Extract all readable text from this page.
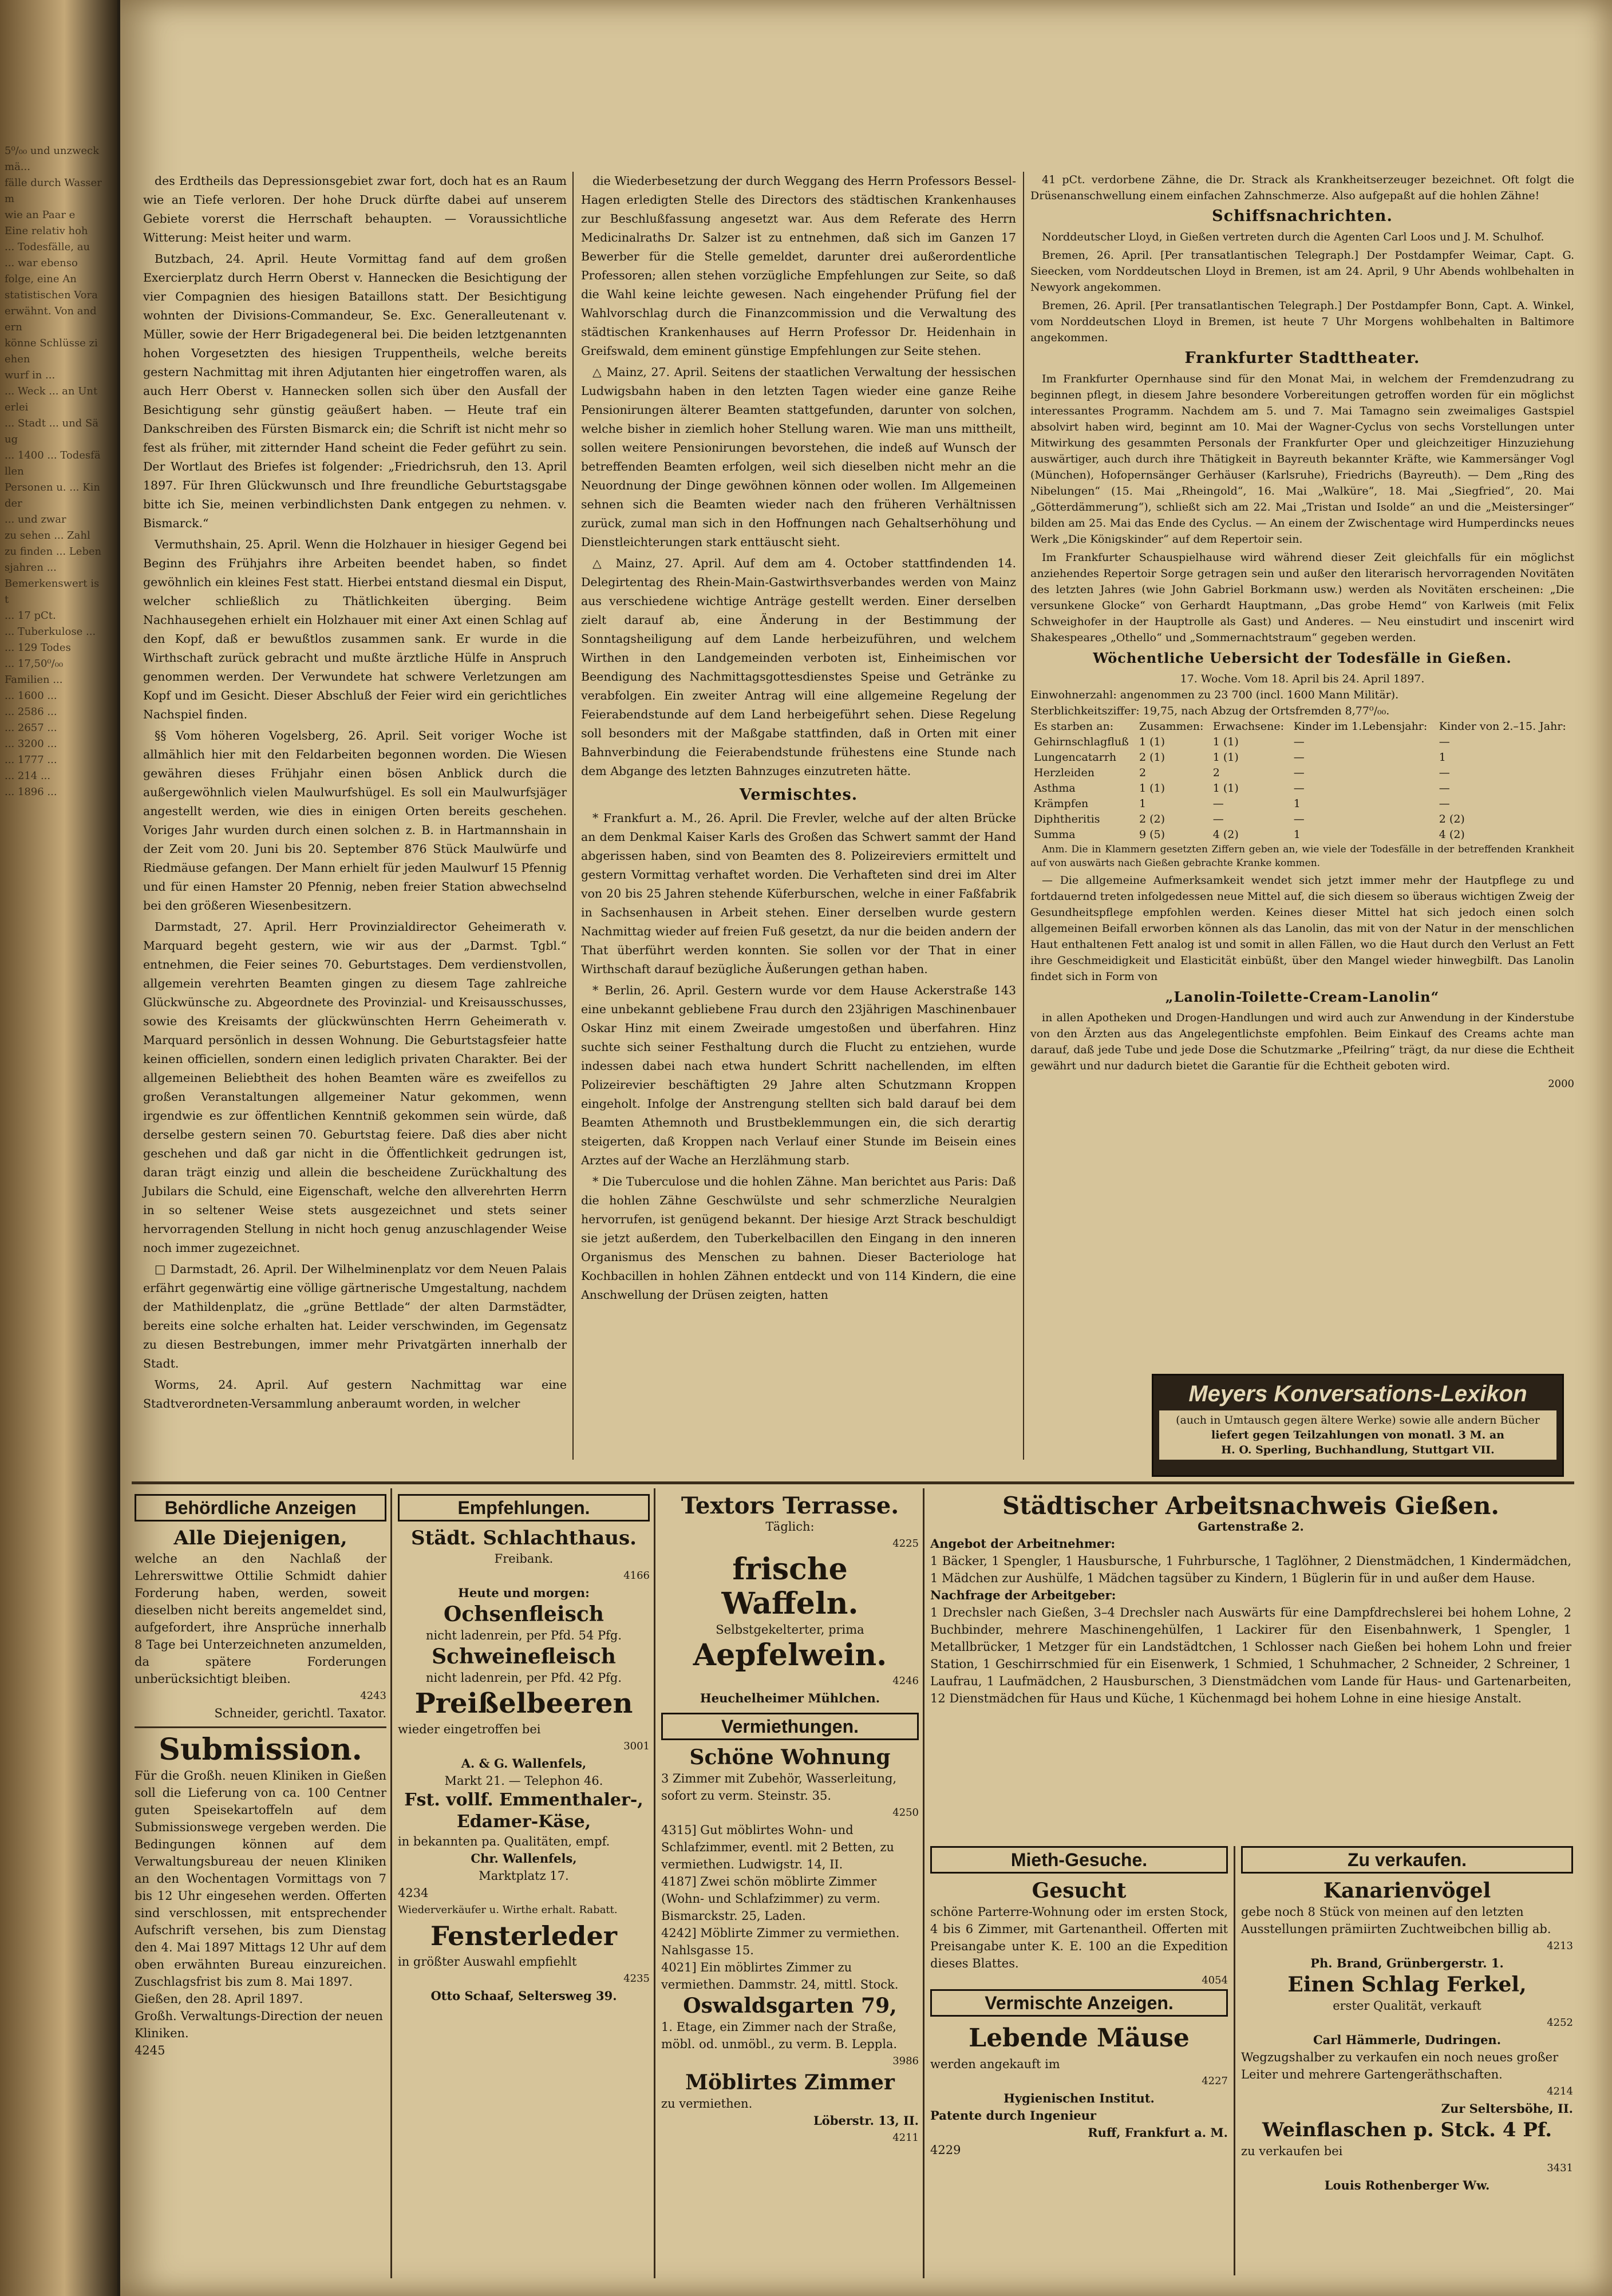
5⁰/₀₀ und unzweckmä...
fälle durch Wasserm
wie an Paar e
Eine relativ hoh
... Todesfälle, au
... war ebenso
folge, eine An
statistischen Vora
erwähnt. Von andern
könne Schlüsse ziehen
wurf in ...
... Weck ... an Unterlei
... Stadt ... und Säug
... 1400 ... Todesfällen
Personen u. ... Kinder
... und zwar
zu sehen ... Zahl
zu finden ... Lebensjahren ...
Bemerkenswert ist
... 17 pCt.
... Tuberkulose ...
... 129 Todes
... 17,50⁰/₀₀
Familien ...
... 1600 ...
... 2586 ...
... 2657 ...
... 3200 ...
... 1777 ...
... 214 ...
... 1896 ...

des Erdtheils das Depressionsgebiet zwar fort, doch hat es an Raum wie an Tiefe verloren. Der hohe Druck dürfte dabei auf unserem Gebiete vorerst die Herrschaft behaupten. — Voraussichtliche Witterung: Meist heiter und warm.

Butzbach, 24. April. Heute Vormittag fand auf dem großen Exercierplatz durch Herrn Oberst v. Hannecken die Besichtigung der vier Compagnien des hiesigen Bataillons statt. Der Besichtigung wohnten der Divisions-Commandeur, Se. Exc. Generalleutenant v. Müller, sowie der Herr Brigadegeneral bei. Die beiden letztgenannten hohen Vorgesetzten des hiesigen Truppentheils, welche bereits gestern Nachmittag mit ihren Adjutanten hier eingetroffen waren, als auch Herr Oberst v. Hannecken sollen sich über den Ausfall der Besichtigung sehr günstig geäußert haben. — Heute traf ein Dankschreiben des Fürsten Bismarck ein; die Schrift ist nicht mehr so fest als früher, mit zitternder Hand scheint die Feder geführt zu sein. Der Wortlaut des Briefes ist folgender: „Friedrichsruh, den 13. April 1897. Für Ihren Glückwunsch und Ihre freundliche Geburtstagsgabe bitte ich Sie, meinen verbindlichsten Dank entgegen zu nehmen. v. Bismarck.“

Vermuthshain, 25. April. Wenn die Holzhauer in hiesiger Gegend bei Beginn des Frühjahrs ihre Arbeiten beendet haben, so findet gewöhnlich ein kleines Fest statt. Hierbei entstand diesmal ein Disput, welcher schließlich zu Thätlichkeiten überging. Beim Nachhausegehen erhielt ein Holzhauer mit einer Axt einen Schlag auf den Kopf, daß er bewußtlos zusammen sank. Er wurde in die Wirthschaft zurück gebracht und mußte ärztliche Hülfe in Anspruch genommen werden. Der Verwundete hat schwere Verletzungen am Kopf und im Gesicht. Dieser Abschluß der Feier wird ein gerichtliches Nachspiel finden.

§§ Vom höheren Vogelsberg, 26. April. Seit voriger Woche ist allmählich hier mit den Feldarbeiten begonnen worden. Die Wiesen gewähren dieses Frühjahr einen bösen Anblick durch die außergewöhnlich vielen Maulwurfshügel. Es soll ein Maulwurfsjäger angestellt werden, wie dies in einigen Orten bereits geschehen. Voriges Jahr wurden durch einen solchen z. B. in Hartmannshain in der Zeit vom 20. Juni bis 20. September 876 Stück Maulwürfe und Riedmäuse gefangen. Der Mann erhielt für jeden Maulwurf 15 Pfennig und für einen Hamster 20 Pfennig, neben freier Station abwechselnd bei den größeren Wiesenbesitzern.

Darmstadt, 27. April. Herr Provinzialdirector Geheimerath v. Marquard begeht gestern, wie wir aus der „Darmst. Tgbl.“ entnehmen, die Feier seines 70. Geburtstages. Dem verdienstvollen, allgemein verehrten Beamten gingen zu diesem Tage zahlreiche Glückwünsche zu. Abgeordnete des Provinzial- und Kreisausschusses, sowie des Kreisamts der glückwünschten Herrn Geheimerath v. Marquard persönlich in dessen Wohnung. Die Geburtstagsfeier hatte keinen officiellen, sondern einen lediglich privaten Charakter. Bei der allgemeinen Beliebtheit des hohen Beamten wäre es zweifellos zu großen Veranstaltungen allgemeiner Natur gekommen, wenn irgendwie es zur öffentlichen Kenntniß gekommen sein würde, daß derselbe gestern seinen 70. Geburtstag feiere. Daß dies aber nicht geschehen und daß gar nicht in die Öffentlichkeit gedrungen ist, daran trägt einzig und allein die bescheidene Zurückhaltung des Jubilars die Schuld, eine Eigenschaft, welche den allverehrten Herrn in so seltener Weise stets ausgezeichnet und stets seiner hervorragenden Stellung in nicht hoch genug anzuschlagender Weise noch immer zugezeichnet.

□ Darmstadt, 26. April. Der Wilhelminenplatz vor dem Neuen Palais erfährt gegenwärtig eine völlige gärtnerische Umgestaltung, nachdem der Mathildenplatz, die „grüne Bettlade“ der alten Darmstädter, bereits eine solche erhalten hat. Leider verschwinden, im Gegensatz zu diesen Bestrebungen, immer mehr Privatgärten innerhalb der Stadt.

Worms, 24. April. Auf gestern Nachmittag war eine Stadtverordneten-Versammlung anberaumt worden, in welcher

die Wiederbesetzung der durch Weggang des Herrn Professors Bessel-Hagen erledigten Stelle des Directors des städtischen Krankenhauses zur Beschlußfassung angesetzt war. Aus dem Referate des Herrn Medicinalraths Dr. Salzer ist zu entnehmen, daß sich im Ganzen 17 Bewerber für die Stelle gemeldet, darunter drei außerordentliche Professoren; allen stehen vorzügliche Empfehlungen zur Seite, so daß die Wahl keine leichte gewesen. Nach eingehender Prüfung fiel der Wahlvorschlag durch die Finanzcommission und die Verwaltung des städtischen Krankenhauses auf Herrn Professor Dr. Heidenhain in Greifswald, dem eminent günstige Empfehlungen zur Seite stehen.

△ Mainz, 27. April. Seitens der staatlichen Verwaltung der hessischen Ludwigsbahn haben in den letzten Tagen wieder eine ganze Reihe Pensionirungen älterer Beamten stattgefunden, darunter von solchen, welche bisher in ziemlich hoher Stellung waren. Wie man uns mittheilt, sollen weitere Pensionirungen bevorstehen, die indeß auf Wunsch der betreffenden Beamten erfolgen, weil sich dieselben nicht mehr an die Neuordnung der Dinge gewöhnen können oder wollen. Im Allgemeinen sehnen sich die Beamten wieder nach den früheren Verhältnissen zurück, zumal man sich in den Hoffnungen nach Gehaltserhöhung und Dienstleichterungen stark enttäuscht sieht.

△ Mainz, 27. April. Auf dem am 4. October stattfindenden 14. Delegirtentag des Rhein-Main-Gastwirthsverbandes werden von Mainz aus verschiedene wichtige Anträge gestellt werden. Einer derselben zielt darauf ab, eine Änderung in der Bestimmung der Sonntagsheiligung auf dem Lande herbeizuführen, und welchem Wirthen in den Landgemeinden verboten ist, Einheimischen vor Beendigung des Nachmittagsgottesdienstes Speise und Getränke zu verabfolgen. Ein zweiter Antrag will eine allgemeine Regelung der Feierabendstunde auf dem Land herbeigeführt sehen. Diese Regelung soll besonders mit der Maßgabe stattfinden, daß in Orten mit einer Bahnverbindung die Feierabendstunde frühestens eine Stunde nach dem Abgange des letzten Bahnzuges einzutreten hätte.

Vermischtes.

* Frankfurt a. M., 26. April. Die Frevler, welche auf der alten Brücke an dem Denkmal Kaiser Karls des Großen das Schwert sammt der Hand abgerissen haben, sind von Beamten des 8. Polizeireviers ermittelt und gestern Vormittag verhaftet worden. Die Verhafteten sind drei im Alter von 20 bis 25 Jahren stehende Küferburschen, welche in einer Faßfabrik in Sachsenhausen in Arbeit stehen. Einer derselben wurde gestern Nachmittag wieder auf freien Fuß gesetzt, da nur die beiden andern der That überführt werden konnten. Sie sollen vor der That in einer Wirthschaft darauf bezügliche Äußerungen gethan haben.

* Berlin, 26. April. Gestern wurde vor dem Hause Ackerstraße 143 eine unbekannt gebliebene Frau durch den 23jährigen Maschinenbauer Oskar Hinz mit einem Zweirade umgestoßen und überfahren. Hinz suchte sich seiner Festhaltung durch die Flucht zu entziehen, wurde indessen dabei nach etwa hundert Schritt nachellenden, im elften Polizeirevier beschäftigten 29 Jahre alten Schutzmann Kroppen eingeholt. Infolge der Anstrengung stellten sich bald darauf bei dem Beamten Athemnoth und Brustbeklemmungen ein, die sich derartig steigerten, daß Kroppen nach Verlauf einer Stunde im Beisein eines Arztes auf der Wache an Herzlähmung starb.

* Die Tuberculose und die hohlen Zähne. Man berichtet aus Paris: Daß die hohlen Zähne Geschwülste und sehr schmerzliche Neuralgien hervorrufen, ist genügend bekannt. Der hiesige Arzt Strack beschuldigt sie jetzt außerdem, den Tuberkelbacillen den Eingang in den inneren Organismus des Menschen zu bahnen. Dieser Bacteriologe hat Kochbacillen in hohlen Zähnen entdeckt und von 114 Kindern, die eine Anschwellung der Drüsen zeigten, hatten

41 pCt. verdorbene Zähne, die Dr. Strack als Krankheitserzeuger bezeichnet. Oft folgt die Drüsenanschwellung einem einfachen Zahnschmerze. Also aufgepaßt auf die hohlen Zähne!

Schiffsnachrichten.

Norddeutscher Lloyd, in Gießen vertreten durch die Agenten Carl Loos und J. M. Schulhof.

Bremen, 26. April. [Per transatlantischen Telegraph.] Der Postdampfer Weimar, Capt. G. Sieecken, vom Norddeutschen Lloyd in Bremen, ist am 24. April, 9 Uhr Abends wohlbehalten in Newyork angekommen.

Bremen, 26. April. [Per transatlantischen Telegraph.] Der Postdampfer Bonn, Capt. A. Winkel, vom Norddeutschen Lloyd in Bremen, ist heute 7 Uhr Morgens wohlbehalten in Baltimore angekommen.

Frankfurter Stadttheater.

Im Frankfurter Opernhause sind für den Monat Mai, in welchem der Fremdenzudrang zu beginnen pflegt, in diesem Jahre besondere Vorbereitungen getroffen worden für ein möglichst interessantes Programm. Nachdem am 5. und 7. Mai Tamagno sein zweimaliges Gastspiel absolvirt haben wird, beginnt am 10. Mai der Wagner-Cyclus von sechs Vorstellungen unter Mitwirkung des gesammten Personals der Frankfurter Oper und gleichzeitiger Hinzuziehung auswärtiger, auch durch ihre Thätigkeit in Bayreuth bekannter Kräfte, wie Kammersänger Vogl (München), Hofopernsänger Gerhäuser (Karlsruhe), Friedrichs (Bayreuth). — Dem „Ring des Nibelungen“ (15. Mai „Rheingold“, 16. Mai „Walküre“, 18. Mai „Siegfried“, 20. Mai „Götterdämmerung“), schließt sich am 22. Mai „Tristan und Isolde“ an und die „Meistersinger“ bilden am 25. Mai das Ende des Cyclus. — An einem der Zwischentage wird Humperdincks neues Werk „Die Königskinder“ auf dem Repertoir sein.

Im Frankfurter Schauspielhause wird während dieser Zeit gleichfalls für ein möglichst anziehendes Repertoir Sorge getragen sein und außer den literarisch hervorragenden Novitäten des letzten Jahres (wie John Gabriel Borkmann usw.) werden als Novitäten erscheinen: „Die versunkene Glocke“ von Gerhardt Hauptmann, „Das grobe Hemd“ von Karlweis (mit Felix Schweighofer in der Hauptrolle als Gast) und Anderes. — Neu einstudirt und inscenirt wird Shakespeares „Othello“ und „Sommernachtstraum“ gegeben werden.

Wöchentliche Uebersicht der Todesfälle in Gießen.
17. Woche. Vom 18. April bis 24. April 1897.
Einwohnerzahl: angenommen zu 23 700 (incl. 1600 Mann Militär).
Sterblichkeitsziffer: 19,75, nach Abzug der Ortsfremden 8,77⁰/₀₀.
Es starben an:	Zusammen:	Erwachsene:	Kinder im 1.Lebensjahr:	Kinder von 2.–15. Jahr:
Gehirnschlagfluß	1 (1)	1 (1)	—	—
Lungencatarrh	2 (1)	1 (1)	—	1
Herzleiden	2	2	—	—
Asthma	1 (1)	1 (1)	—	—
Krämpfen	1	—	1	—
Diphtheritis	2 (2)	—	—	2 (2)
Summa	9 (5)	4 (2)	1	4 (2)

Anm. Die in Klammern gesetzten Ziffern geben an, wie viele der Todesfälle in der betreffenden Krankheit auf von auswärts nach Gießen gebrachte Kranke kommen.

— Die allgemeine Aufmerksamkeit wendet sich jetzt immer mehr der Hautpflege zu und fortdauernd treten infolgedessen neue Mittel auf, die sich diesem so überaus wichtigen Zweig der Gesundheitspflege empfohlen werden. Keines dieser Mittel hat sich jedoch einen solch allgemeinen Beifall erworben können als das Lanolin, das mit von der Natur in der menschlichen Haut enthaltenen Fett analog ist und somit in allen Fällen, wo die Haut durch den Verlust an Fett ihre Geschmeidigkeit und Elasticität einbüßt, über den Mangel wieder hinwegbilft. Das Lanolin findet sich in Form von

„Lanolin-Toilette-Cream-Lanolin“

in allen Apotheken und Drogen-Handlungen und wird auch zur Anwendung in der Kinderstube von den Ärzten aus das Angelegentlichste empfohlen. Beim Einkauf des Creams achte man darauf, daß jede Tube und jede Dose die Schutzmarke „Pfeilring“ trägt, da nur diese die Echtheit gewährt und nur dadurch bietet die Garantie für die Echtheit geboten wird.

2000
Meyers Konversations-Lexikon
(auch in Umtausch gegen ältere Werke) sowie alle andern Bücher
liefert gegen Teilzahlungen von monatl. 3 M. an
H. O. Sperling, Buchhandlung, Stuttgart VII.
Behördliche Anzeigen
Alle Diejenigen,
welche an den Nachlaß der Lehrerswittwe Ottilie Schmidt dahier Forderung haben, werden, soweit dieselben nicht bereits angemeldet sind, aufgefordert, ihre Ansprüche innerhalb 8 Tage bei Unterzeichneten anzumelden, da spätere Forderungen unberücksichtigt bleiben.
4243
Schneider, gerichtl. Taxator.
Submission.
Für die Großh. neuen Kliniken in Gießen soll die Lieferung von ca. 100 Centner guten Speisekartoffeln auf dem Submissionswege vergeben werden. Die Bedingungen können auf dem Verwaltungsbureau der neuen Kliniken an den Wochentagen Vormittags von 7 bis 12 Uhr eingesehen werden. Offerten sind verschlossen, mit entsprechender Aufschrift versehen, bis zum Dienstag den 4. Mai 1897 Mittags 12 Uhr auf dem oben erwähnten Bureau einzureichen. Zuschlagsfrist bis zum 8. Mai 1897.
Gießen, den 28. April 1897.
Großh. Verwaltungs-Direction der neuen Kliniken.
4245
Empfehlungen.
Städt. Schlachthaus.
Freibank.
4166
Heute und morgen:
Ochsenfleisch
nicht ladenrein, per Pfd. 54 Pfg.
Schweinefleisch
nicht ladenrein, per Pfd. 42 Pfg.
Preißelbeeren
wieder eingetroffen bei
3001
A. & G. Wallenfels,
Markt 21. — Telephon 46.
Fst. vollf. Emmenthaler-, Edamer-Käse,
in bekannten pa. Qualitäten, empf.
Chr. Wallenfels,
Marktplatz 17.
4234
Wiederverkäufer u. Wirthe erhalt. Rabatt.
Fensterleder
in größter Auswahl empfiehlt
4235
Otto Schaaf, Seltersweg 39.
Textors Terrasse.
Täglich:
4225
frische Waffeln.
Selbstgekelterter, prima
Aepfelwein.
4246
Heuchelheimer Mühlchen.
Vermiethungen.
Schöne Wohnung
3 Zimmer mit Zubehör, Wasserleitung, sofort zu verm. Steinstr. 35.
4250
4315] Gut möblirtes Wohn- und Schlafzimmer, eventl. mit 2 Betten, zu vermiethen. Ludwigstr. 14, II.
4187] Zwei schön möblirte Zimmer (Wohn- und Schlafzimmer) zu verm. Bismarckstr. 25, Laden.
4242] Möblirte Zimmer zu vermiethen. Nahlsgasse 15.
4021] Ein möblirtes Zimmer zu vermiethen. Dammstr. 24, mittl. Stock.
Oswaldsgarten 79,
1. Etage, ein Zimmer nach der Straße, möbl. od. unmöbl., zu verm. B. Leppla.
3986
Möblirtes Zimmer
zu vermiethen.
Löberstr. 13, II.
4211
Städtischer Arbeitsnachweis Gießen.
Gartenstraße 2.
Angebot der Arbeitnehmer:
1 Bäcker, 1 Spengler, 1 Hausbursche, 1 Fuhrbursche, 1 Taglöhner, 2 Dienstmädchen, 1 Kindermädchen, 1 Mädchen zur Aushülfe, 1 Mädchen tagsüber zu Kindern, 1 Büglerin für in und außer dem Hause.
Nachfrage der Arbeitgeber:
1 Drechsler nach Gießen, 3–4 Drechsler nach Auswärts für eine Dampfdrechslerei bei hohem Lohne, 2 Buchbinder, mehrere Maschinengehülfen, 1 Lackirer für den Eisenbahnwerk, 1 Spengler, 1 Metallbrücker, 1 Metzger für ein Landstädtchen, 1 Schlosser nach Gießen bei hohem Lohn und freier Station, 1 Geschirrschmied für ein Eisenwerk, 1 Schmied, 1 Schuhmacher, 2 Schneider, 2 Schreiner, 1 Laufrau, 1 Laufmädchen, 2 Hausburschen, 3 Dienstmädchen vom Lande für Haus- und Gartenarbeiten, 12 Dienstmädchen für Haus und Küche, 1 Küchenmagd bei hohem Lohne in eine hiesige Anstalt.
Mieth-Gesuche.
Gesucht
schöne Parterre-Wohnung oder im ersten Stock, 4 bis 6 Zimmer, mit Gartenantheil. Offerten mit Preisangabe unter K. E. 100 an die Expedition dieses Blattes.
4054
Vermischte Anzeigen.
Lebende Mäuse
werden angekauft im
4227
Hygienischen Institut.
Patente durch Ingenieur
Ruff, Frankfurt a. M.
4229
Zu verkaufen.
Kanarienvögel
gebe noch 8 Stück von meinen auf den letzten Ausstellungen prämiirten Zuchtweibchen billig ab.
4213
Ph. Brand, Grünbergerstr. 1.
Einen Schlag Ferkel,
erster Qualität, verkauft
4252
Carl Hämmerle, Dudringen.
Wegzugshalber zu verkaufen ein noch neues großer Leiter und mehrere Gartengeräthschaften.
4214
Zur Seltersböhe, II.
Weinflaschen p. Stck. 4 Pf.
zu verkaufen bei
3431
Louis Rothenberger Ww.
